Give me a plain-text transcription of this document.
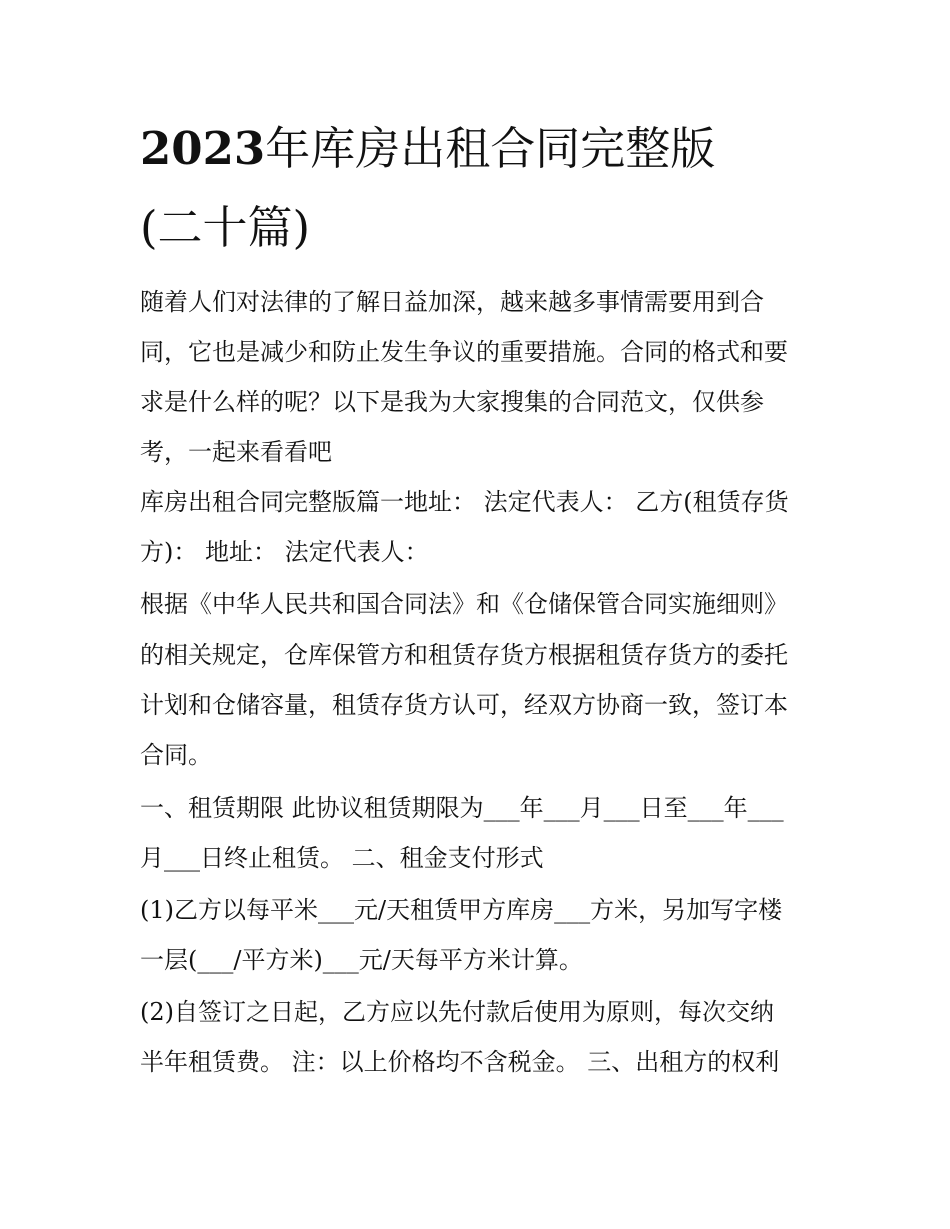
2023年库房出租合同完整版
(二十篇)

随着人们对法律的了解日益加深，越来越多事情需要用到合

同，它也是减少和防止发生争议的重要措施。合同的格式和要

求是什么样的呢？以下是我为大家搜集的合同范文，仅供参

考，一起来看看吧

库房出租合同完整版篇一地址： 法定代表人： 乙方(租赁存货

方)： 地址： 法定代表人：

根据《中华人民共和国合同法》和《仓储保管合同实施细则》

的相关规定，仓库保管方和租赁存货方根据租赁存货方的委托

计划和仓储容量，租赁存货方认可，经双方协商一致，签订本

合同。

一、租赁期限 此协议租赁期限为___年___月___日至___年___

月___日终止租赁。 二、租金支付形式

(1)乙方以每平米___元/天租赁甲方库房___方米，另加写字楼

一层(___/平方米)___元/天每平方米计算。

(2)自签订之日起，乙方应以先付款后使用为原则，每次交纳

半年租赁费。 注：以上价格均不含税金。 三、出租方的权利
